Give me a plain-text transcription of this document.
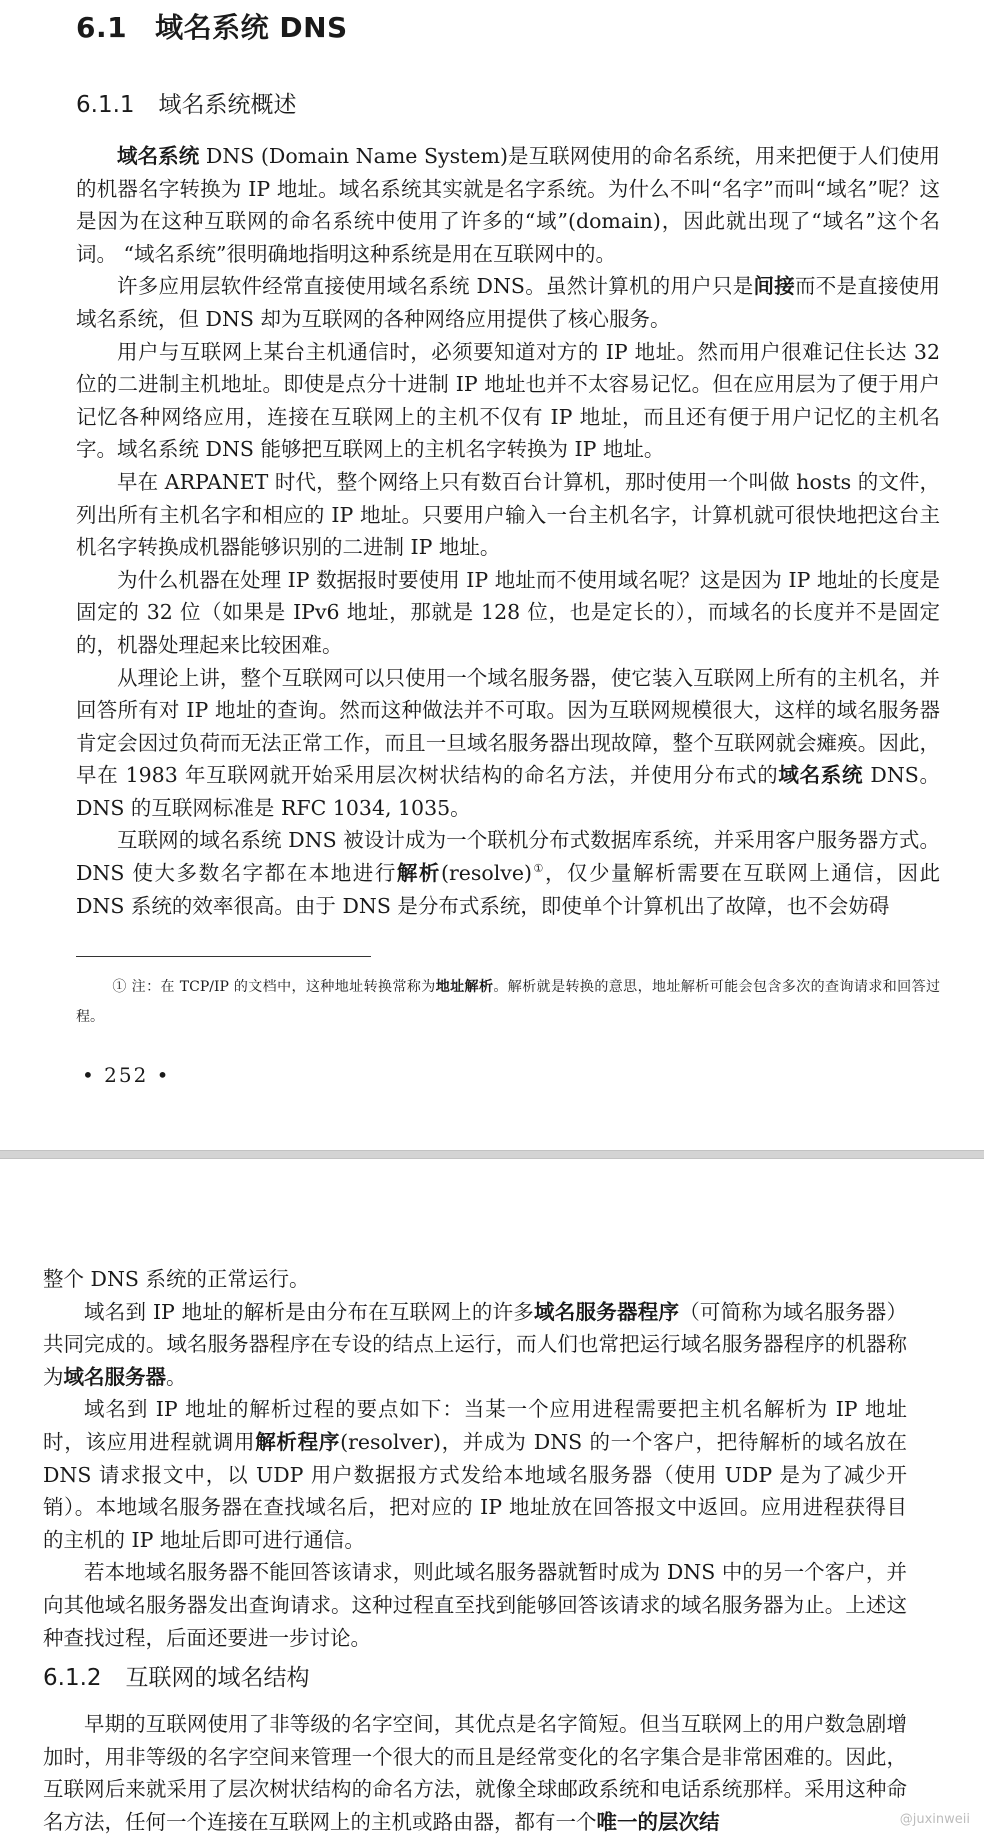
6.1 域名系统 DNS
6.1.1 域名系统概述

域名系统 DNS (Domain Name System)是互联网使用的命名系统，用来把便于人们使用的机器名字转换为 IP 地址。域名系统其实就是名字系统。为什么不叫“名字”而叫“域名”呢？这是因为在这种互联网的命名系统中使用了许多的“域”(domain)，因此就出现了“域名”这个名词。 “域名系统”很明确地指明这种系统是用在互联网中的。

许多应用层软件经常直接使用域名系统 DNS。虽然计算机的用户只是间接而不是直接使用域名系统，但 DNS 却为互联网的各种网络应用提供了核心服务。

用户与互联网上某台主机通信时，必须要知道对方的 IP 地址。然而用户很难记住长达 32 位的二进制主机地址。即使是点分十进制 IP 地址也并不太容易记忆。但在应用层为了便于用户记忆各种网络应用，连接在互联网上的主机不仅有 IP 地址，而且还有便于用户记忆的主机名字。域名系统 DNS 能够把互联网上的主机名字转换为 IP 地址。

早在 ARPANET 时代，整个网络上只有数百台计算机，那时使用一个叫做 hosts 的文件，列出所有主机名字和相应的 IP 地址。只要用户输入一台主机名字，计算机就可很快地把这台主机名字转换成机器能够识别的二进制 IP 地址。

为什么机器在处理 IP 数据报时要使用 IP 地址而不使用域名呢？这是因为 IP 地址的长度是固定的 32 位（如果是 IPv6 地址，那就是 128 位，也是定长的），而域名的长度并不是固定的，机器处理起来比较困难。

从理论上讲，整个互联网可以只使用一个域名服务器，使它装入互联网上所有的主机名，并回答所有对 IP 地址的查询。然而这种做法并不可取。因为互联网规模很大，这样的域名服务器肯定会因过负荷而无法正常工作，而且一旦域名服务器出现故障，整个互联网就会瘫痪。因此，早在 1983 年互联网就开始采用层次树状结构的命名方法，并使用分布式的域名系统 DNS。DNS 的互联网标准是 RFC 1034, 1035。

互联网的域名系统 DNS 被设计成为一个联机分布式数据库系统，并采用客户服务器方式。DNS 使大多数名字都在本地进行解析(resolve)①，仅少量解析需要在互联网上通信，因此 DNS 系统的效率很高。由于 DNS 是分布式系统，即使单个计算机出了故障，也不会妨碍

① 注：在 TCP/IP 的文档中，这种地址转换常称为地址解析。解析就是转换的意思，地址解析可能会包含多次的查询请求和回答过程。

• 252 •

整个 DNS 系统的正常运行。

域名到 IP 地址的解析是由分布在互联网上的许多域名服务器程序（可简称为域名服务器）共同完成的。域名服务器程序在专设的结点上运行，而人们也常把运行域名服务器程序的机器称为域名服务器。

域名到 IP 地址的解析过程的要点如下：当某一个应用进程需要把主机名解析为 IP 地址时，该应用进程就调用解析程序(resolver)，并成为 DNS 的一个客户，把待解析的域名放在 DNS 请求报文中，以 UDP 用户数据报方式发给本地域名服务器（使用 UDP 是为了减少开销）。本地域名服务器在查找域名后，把对应的 IP 地址放在回答报文中返回。应用进程获得目的主机的 IP 地址后即可进行通信。

若本地域名服务器不能回答该请求，则此域名服务器就暂时成为 DNS 中的另一个客户，并向其他域名服务器发出查询请求。这种过程直至找到能够回答该请求的域名服务器为止。上述这种查找过程，后面还要进一步讨论。

6.1.2 互联网的域名结构

早期的互联网使用了非等级的名字空间，其优点是名字简短。但当互联网上的用户数急剧增加时，用非等级的名字空间来管理一个很大的而且是经常变化的名字集合是非常困难的。因此，互联网后来就采用了层次树状结构的命名方法，就像全球邮政系统和电话系统那样。采用这种命名方法，任何一个连接在互联网上的主机或路由器，都有一个唯一的层次结	@juxinweii
